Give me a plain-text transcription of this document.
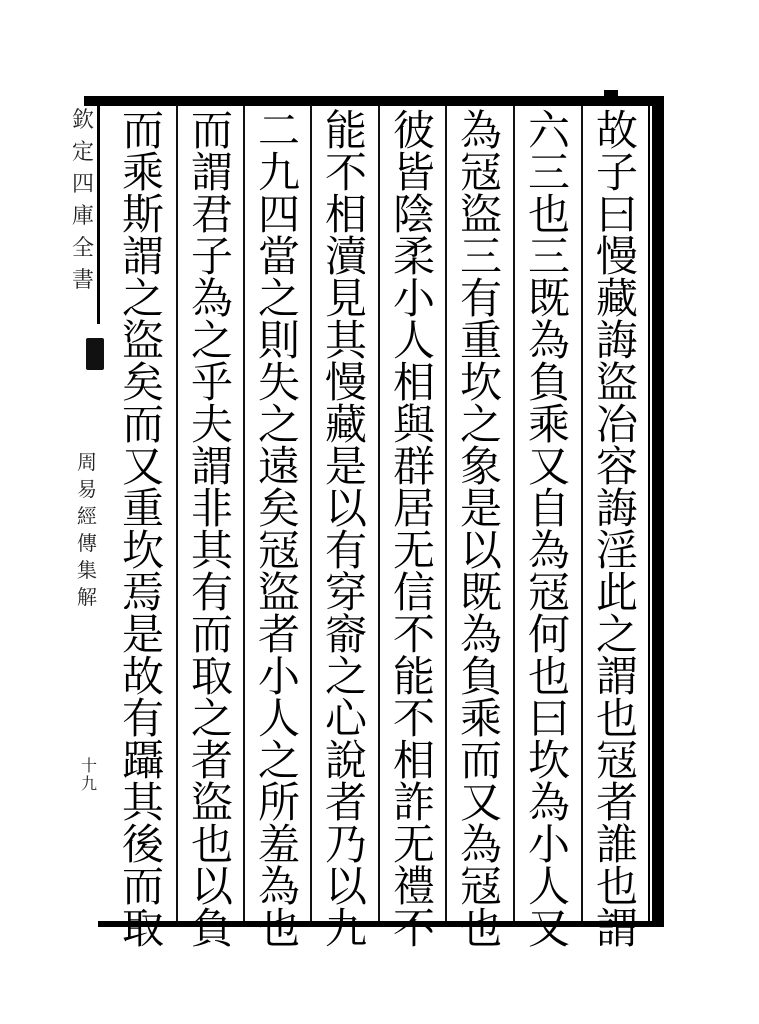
欽
定
四
庫
全
書
周
易
經
傳
集
解
十
九
故
子
曰
慢
藏
誨
盜
冶
容
誨
淫
此
之
謂
也
冦
者
誰
也
謂
六
三
也
三
既
為
負
乘
又
自
為
冦
何
也
曰
坎
為
小
人
又
為
冦
盜
三
有
重
坎
之
象
是
以
既
為
負
乘
而
又
為
冦
也
彼
皆
陰
柔
小
人
相
與
群
居
无
信
不
能
不
相
詐
无
禮
不
能
不
相
瀆
見
其
慢
藏
是
以
有
穿
窬
之
心
說
者
乃
以
九
二
九
四
當
之
則
失
之
遠
矣
冦
盜
者
小
人
之
所
羞
為
也
而
謂
君
子
為
之
乎
夫
謂
非
其
有
而
取
之
者
盜
也
以
負
而
乘
斯
謂
之
盜
矣
而
又
重
坎
焉
是
故
有
躡
其
後
而
取
